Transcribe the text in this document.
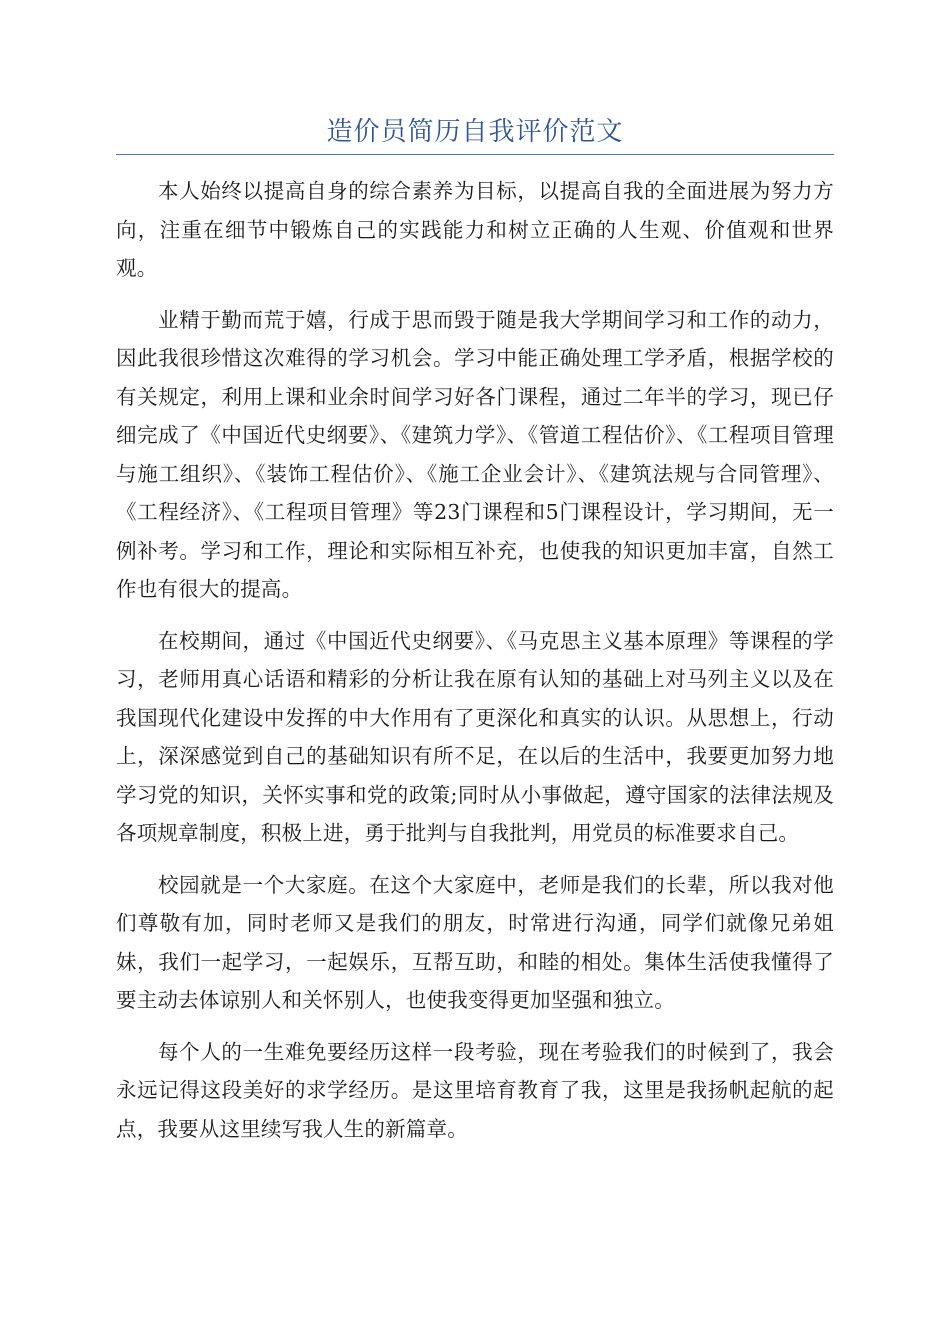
造价员简历自我评价范文

本人始终以提高自身的综合素养为目标，以提高自我的全面进展为努力方向，注重在细节中锻炼自己的实践能力和树立正确的人生观、价值观和世界观。

业精于勤而荒于嬉，行成于思而毁于随是我大学期间学习和工作的动力，因此我很珍惜这次难得的学习机会。学习中能正确处理工学矛盾，根据学校的有关规定，利用上课和业余时间学习好各门课程，通过二年半的学习，现已仔细完成了《中国近代史纲要》、《建筑力学》、《管道工程估价》、《工程项目管理与施工组织》、《装饰工程估价》、《施工企业会计》、《建筑法规与合同管理》、《工程经济》、《工程项目管理》等23门课程和5门课程设计，学习期间，无一例补考。学习和工作，理论和实际相互补充，也使我的知识更加丰富，自然工作也有很大的提高。

在校期间，通过《中国近代史纲要》、《马克思主义基本原理》等课程的学习，老师用真心话语和精彩的分析让我在原有认知的基础上对马列主义以及在我国现代化建设中发挥的中大作用有了更深化和真实的认识。从思想上，行动上，深深感觉到自己的基础知识有所不足，在以后的生活中，我要更加努力地学习党的知识，关怀实事和党的政策;同时从小事做起，遵守国家的法律法规及各项规章制度，积极上进，勇于批判与自我批判，用党员的标准要求自己。

校园就是一个大家庭。在这个大家庭中，老师是我们的长辈，所以我对他们尊敬有加，同时老师又是我们的朋友，时常进行沟通，同学们就像兄弟姐妹，我们一起学习，一起娱乐，互帮互助，和睦的相处。集体生活使我懂得了要主动去体谅别人和关怀别人，也使我变得更加坚强和独立。

每个人的一生难免要经历这样一段考验，现在考验我们的时候到了，我会永远记得这段美好的求学经历。是这里培育教育了我，这里是我扬帆起航的起点，我要从这里续写我人生的新篇章。
